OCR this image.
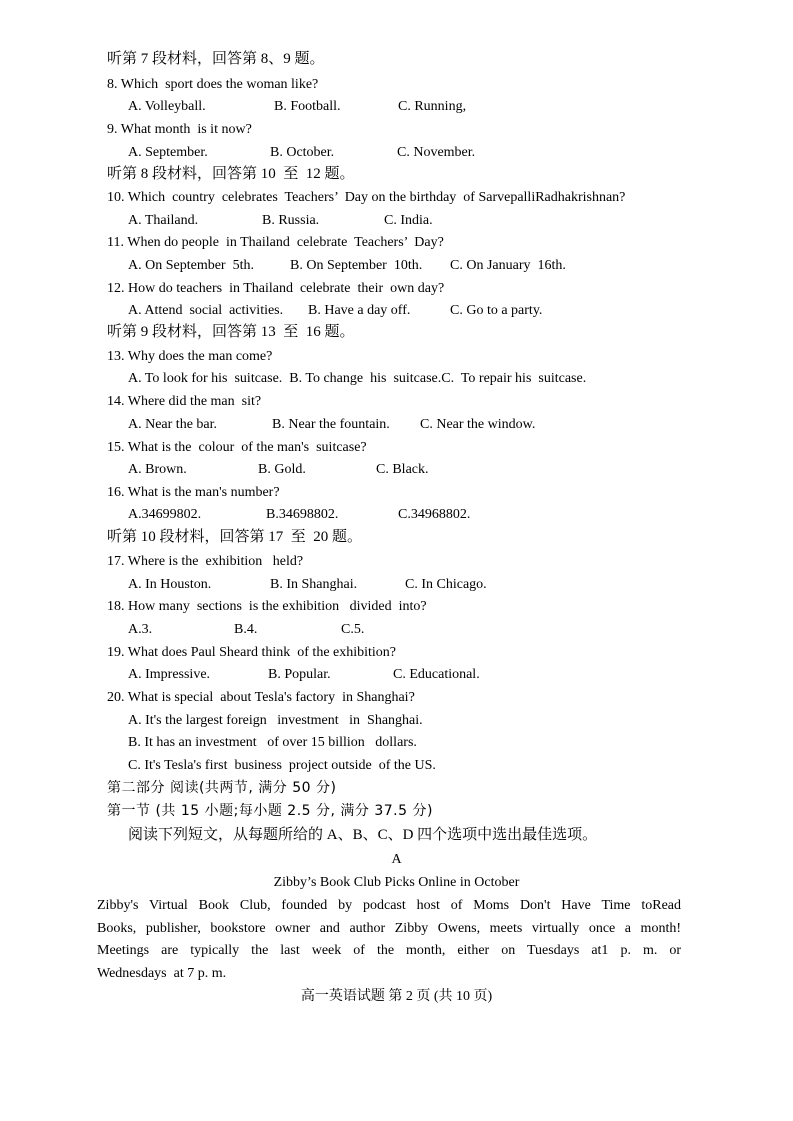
听第 7 段材料，回答第 8、9 题。
8. Which  sport does the woman like?

A. Volleyball.

	B. Football.

	C. Running,

9. What month  is it now?

A. September.

	B. October.

	C. November.

听第 8 段材料，回答第 10  至  12 题。
10. Which  country  celebrates  Teachers’  Day on the birthday  of SarvepalliRadhakrishnan?

A. Thailand.

	B. Russia.

	C. India.

11. When do people  in Thailand  celebrate  Teachers’  Day?

A. On September  5th.

	B. On September  10th.

C. On January  16th.

12. How do teachers  in Thailand  celebrate  their  own day?

A. Attend  social  activities.

B. Have a day off.

	C. Go to a party.

听第 9 段材料，回答第 13  至  16 题。
13. Why does the man come?
A. To look for his  suitcase.  B. To change  his  suitcase.C.  To repair his  suitcase.
14. Where did the man  sit?

A. Near the bar.

	B. Near the fountain.

C. Near the window.

15. What is the  colour  of the man's  suitcase?

A. Brown.

	B. Gold.

	C. Black.

16. What is the man's number?

A.34699802.

	B.34698802.

	C.34968802.

听第 10 段材料，回答第 17  至  20 题。
17. Where is the  exhibition   held?

A. In Houston.

	B. In Shanghai.

	C. In Chicago.

18. How many  sections  is the exhibition   divided  into?

A.3.

	B.4.

	C.5.

19. What does Paul Sheard think  of the exhibition?

A. Impressive.

	B. Popular.

	C. Educational.

20. What is special  about Tesla's factory  in Shanghai?
A. It's the largest foreign   investment   in  Shanghai.
B. It has an investment   of over 15 billion   dollars.
C. It's Tesla's first  business  project outside  of the US.
第二部分 阅读(共两节, 满分 50 分)
第一节 (共 15 小题;每小题 2.5 分, 满分 37.5 分)
阅读下列短文，从每题所给的 A、B、C、D 四个选项中选出最佳选项。
A
Zibby’s Book Club Picks Online in October
Zibby's Virtual Book Club, founded by podcast host of Moms Don't Have Time toRead
Books, publisher, bookstore owner and author Zibby Owens, meets virtually once a month!
Meetings are typically the last week of the month, either on Tuesdays at1 p. m. or
Wednesdays  at 7 p. m.
高一英语试题 第 2 页 (共 10 页)
